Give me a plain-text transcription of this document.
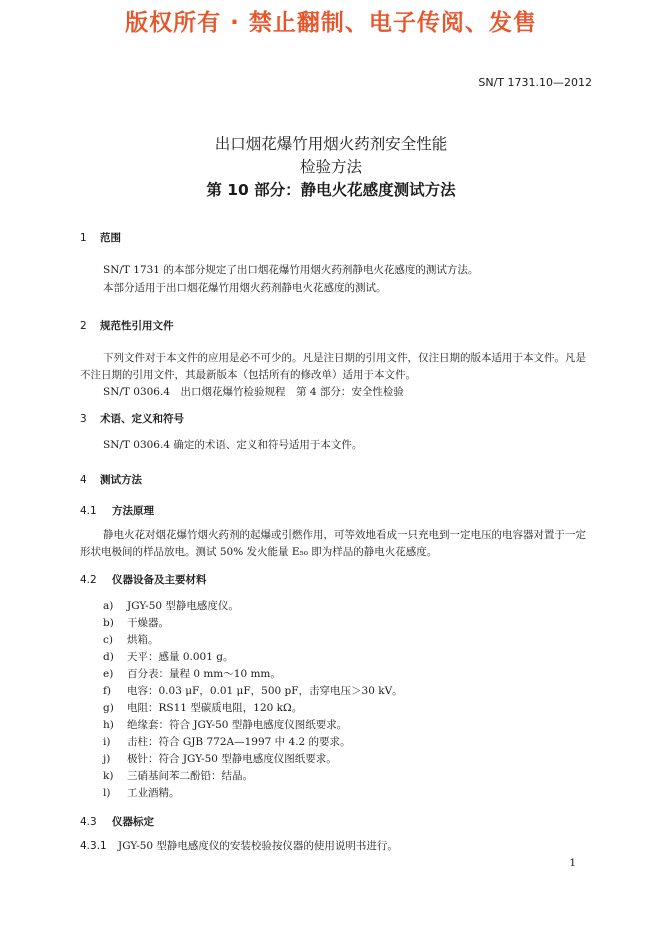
版权所有 · 禁止翻制、电子传阅、发售

SN/T 1731.10—2012

出口烟花爆竹用烟火药剂安全性能

检验方法

第 10 部分：静电火花感度测试方法

1 范围

SN/T 1731 的本部分规定了出口烟花爆竹用烟火药剂静电火花感度的测试方法。

本部分适用于出口烟花爆竹用烟火药剂静电火花感度的测试。

2 规范性引用文件

下列文件对于本文件的应用是必不可少的。凡是注日期的引用文件，仅注日期的版本适用于本文件。凡是不注日期的引用文件，其最新版本（包括所有的修改单）适用于本文件。

SN/T 0306.4　出口烟花爆竹检验规程　第 4 部分：安全性检验

3 术语、定义和符号

SN/T 0306.4 确定的术语、定义和符号适用于本文件。

4 测试方法

4.1 方法原理

静电火花对烟花爆竹烟火药剂的起爆或引燃作用，可等效地看成一只充电到一定电压的电容器对置于一定形状电极间的样品放电。测试 50% 发火能量 E₅₀ 即为样品的静电火花感度。

4.2 仪器设备及主要材料

a) JGY-50 型静电感度仪。

b) 干燥器。

c) 烘箱。

d) 天平：感量 0.001 g。

e) 百分表：量程 0 mm～10 mm。

f) 电容：0.03 μF，0.01 μF，500 pF，击穿电压＞30 kV。

g) 电阻：RS11 型碳质电阻，120 kΩ。

h) 绝缘套：符合 JGY-50 型静电感度仪图纸要求。

i) 击柱：符合 GJB 772A—1997 中 4.2 的要求。

j) 极针：符合 JGY-50 型静电感度仪图纸要求。

k) 三硝基间苯二酚铅：结晶。

l) 工业酒精。

4.3 仪器标定

4.3.1 JGY-50 型静电感度仪的安装校验按仪器的使用说明书进行。

1
